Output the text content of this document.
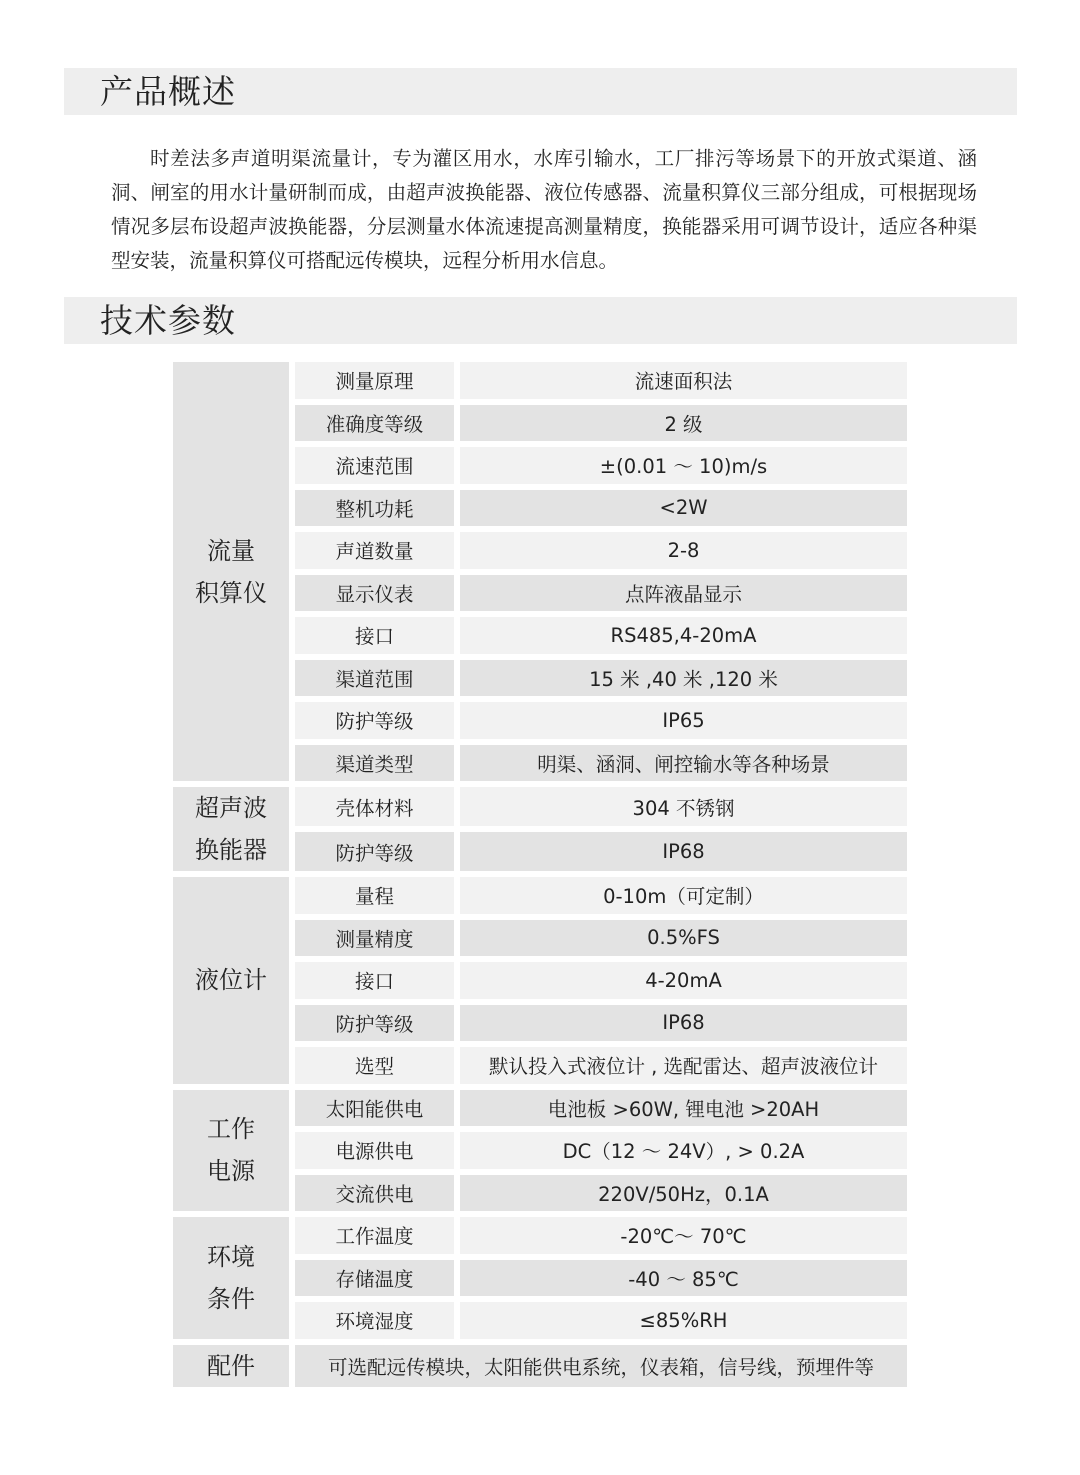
产品概述

时差法多声道明渠流量计，专为灌区用水，水库引输水，工厂排污等场景下的开放式渠道、涵洞、闸室的用水计量研制而成，由超声波换能器、液位传感器、流量积算仪三部分组成，可根据现场情况多层布设超声波换能器，分层测量水体流速提高测量精度，换能器采用可调节设计，适应各种渠型安装，流量积算仪可搭配远传模块，远程分析用水信息。

技术参数
流量
积算仪	测量原理	流速面积法
	准确度等级	2 级
	流速范围	±(0.01 ～ 10)m/s
	整机功耗	<2W
	声道数量	2-8
	显示仪表	点阵液晶显示
	接口	RS485,4-20mA
	渠道范围	15 米 ,40 米 ,120 米
	防护等级	IP65
	渠道类型	明渠、涵洞、闸控输水等各种场景

超声波
换能器	壳体材料	304 不锈钢
	防护等级	IP68

液位计	量程	0-10m（可定制）
	测量精度	0.5%FS
	接口	4-20mA
	防护等级	IP68
	选型	默认投入式液位计 , 选配雷达、超声波液位计

工作
电源	太阳能供电	电池板 >60W, 锂电池 >20AH
	电源供电	DC（12 ～ 24V）, > 0.2A
	交流供电	220V/50Hz，0.1A

环境
条件	工作温度	-20℃～ 70℃
	存储温度	-40 ～ 85℃
	环境湿度	≤85%RH

配件	可选配远传模块，太阳能供电系统，仪表箱，信号线，预埋件等	
